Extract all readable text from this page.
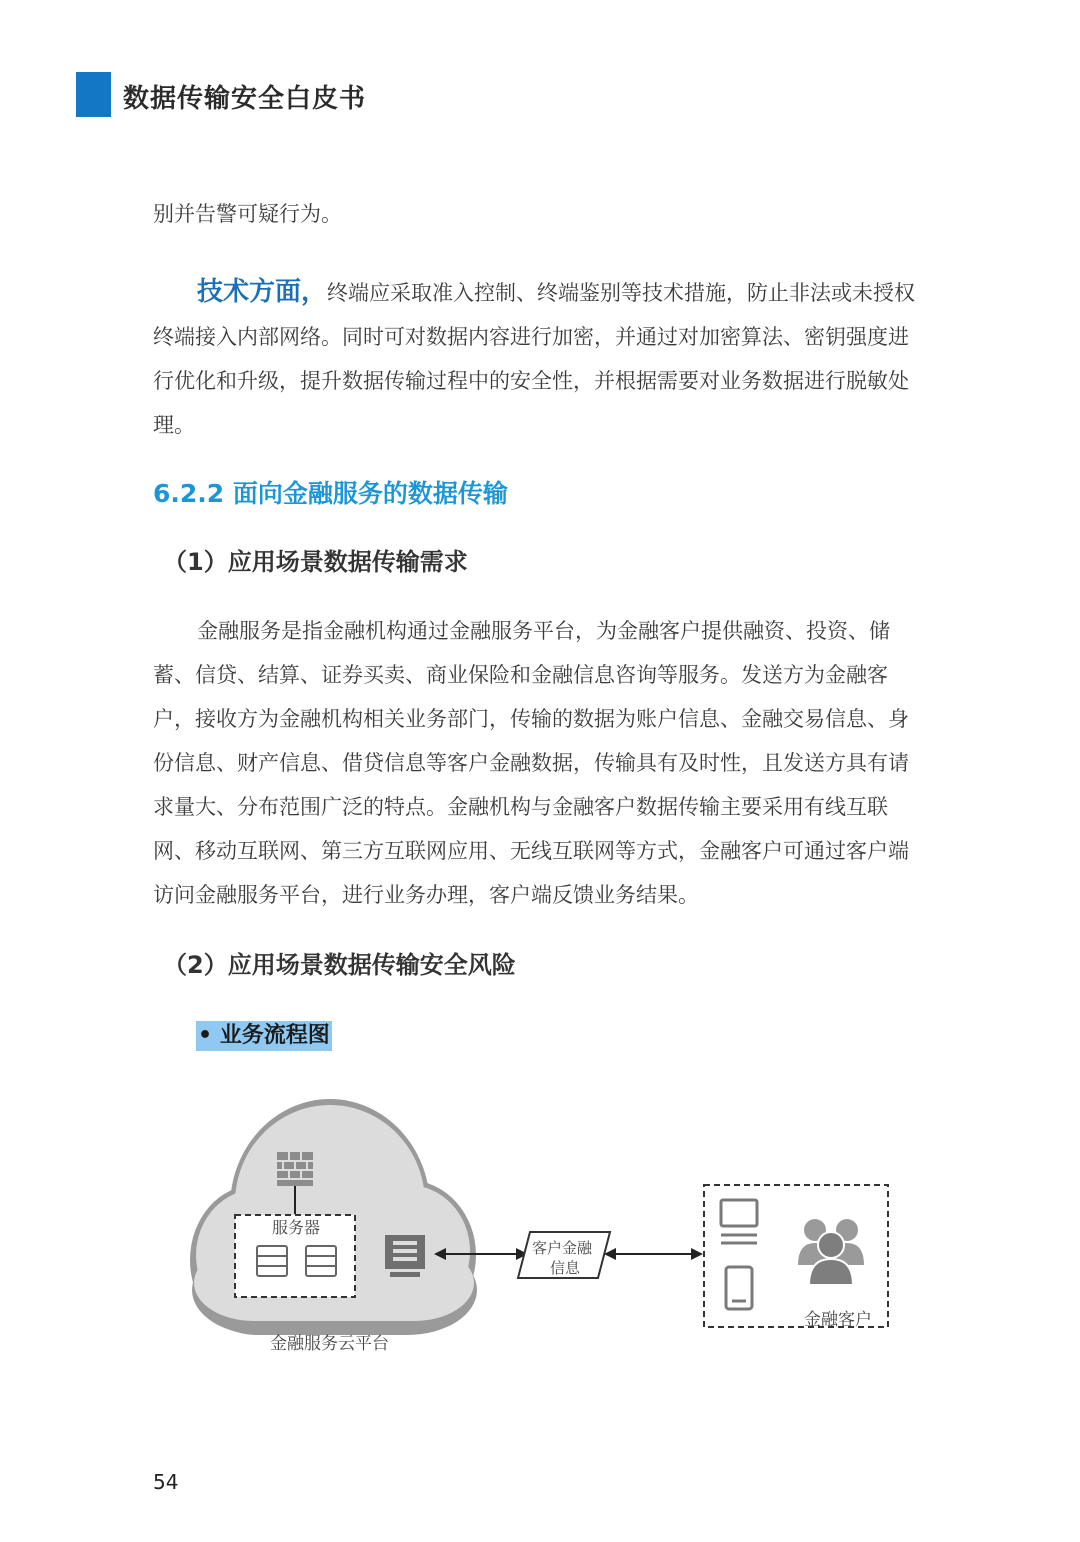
数据传输安全白皮书
别并告警可疑行为。
技术方面，终端应采取准入控制、终端鉴别等技术措施，防止非法或未授权终端接入内部网络。同时可对数据内容进行加密，并通过对加密算法、密钥强度进行优化和升级，提升数据传输过程中的安全性，并根据需要对业务数据进行脱敏处理。
6.2.2 面向金融服务的数据传输
（1）应用场景数据传输需求
金融服务是指金融机构通过金融服务平台，为金融客户提供融资、投资、储蓄、信贷、结算、证券买卖、商业保险和金融信息咨询等服务。发送方为金融客户，接收方为金融机构相关业务部门，传输的数据为账户信息、金融交易信息、身份信息、财产信息、借贷信息等客户金融数据，传输具有及时性，且发送方具有请求量大、分布范围广泛的特点。金融机构与金融客户数据传输主要采用有线互联网、移动互联网、第三方互联网应用、无线互联网等方式，金融客户可通过客户端访问金融服务平台，进行业务办理，客户端反馈业务结果。
（2）应用场景数据传输安全风险
• 业务流程图
服务器
客户金融
信息
金融客户
金融服务云平台
54
